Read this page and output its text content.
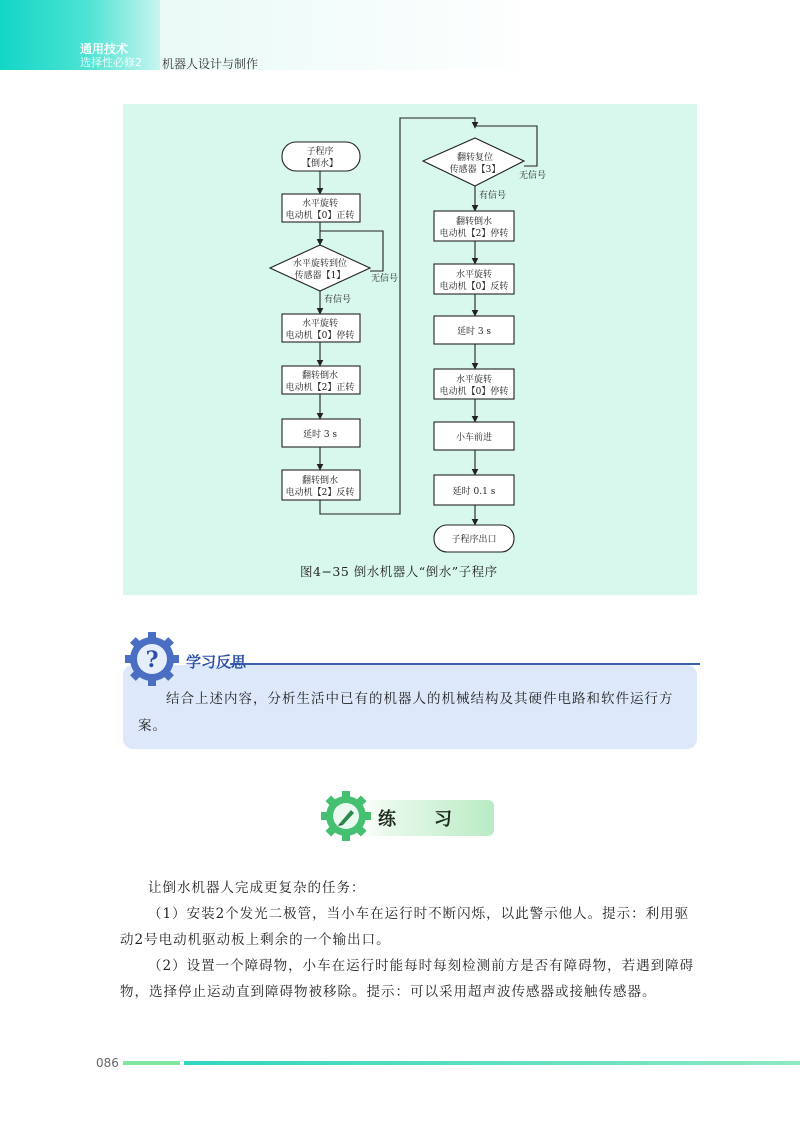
通用技术
选择性必修2 机器人设计与制作
子程序
【倒水】
水平旋转
电动机【0】正转
水平旋转到位
传感器【1】
水平旋转
电动机【0】停转
翻转倒水
电动机【2】正转
延时 3 s
翻转倒水
电动机【2】反转
翻转复位
传感器【3】
翻转倒水
电动机【2】停转
水平旋转
电动机【0】反转
延时 3 s
水平旋转
电动机【0】停转
小车前进
延时 0.1 s
子程序出口
无信号
有信号
无信号
有信号
图4−35 倒水机器人“倒水”子程序
? 学习反思
结合上述内容，分析生活中已有的机器人的机械结构及其硬件电路和软件运行方案。
练习
让倒水机器人完成更复杂的任务：
（1）安装2个发光二极管，当小车在运行时不断闪烁，以此警示他人。提示：利用驱动2号电动机驱动板上剩余的一个输出口。
（2）设置一个障碍物，小车在运行时能每时每刻检测前方是否有障碍物，若遇到障碍物，选择停止运动直到障碍物被移除。提示：可以采用超声波传感器或接触传感器。
086
